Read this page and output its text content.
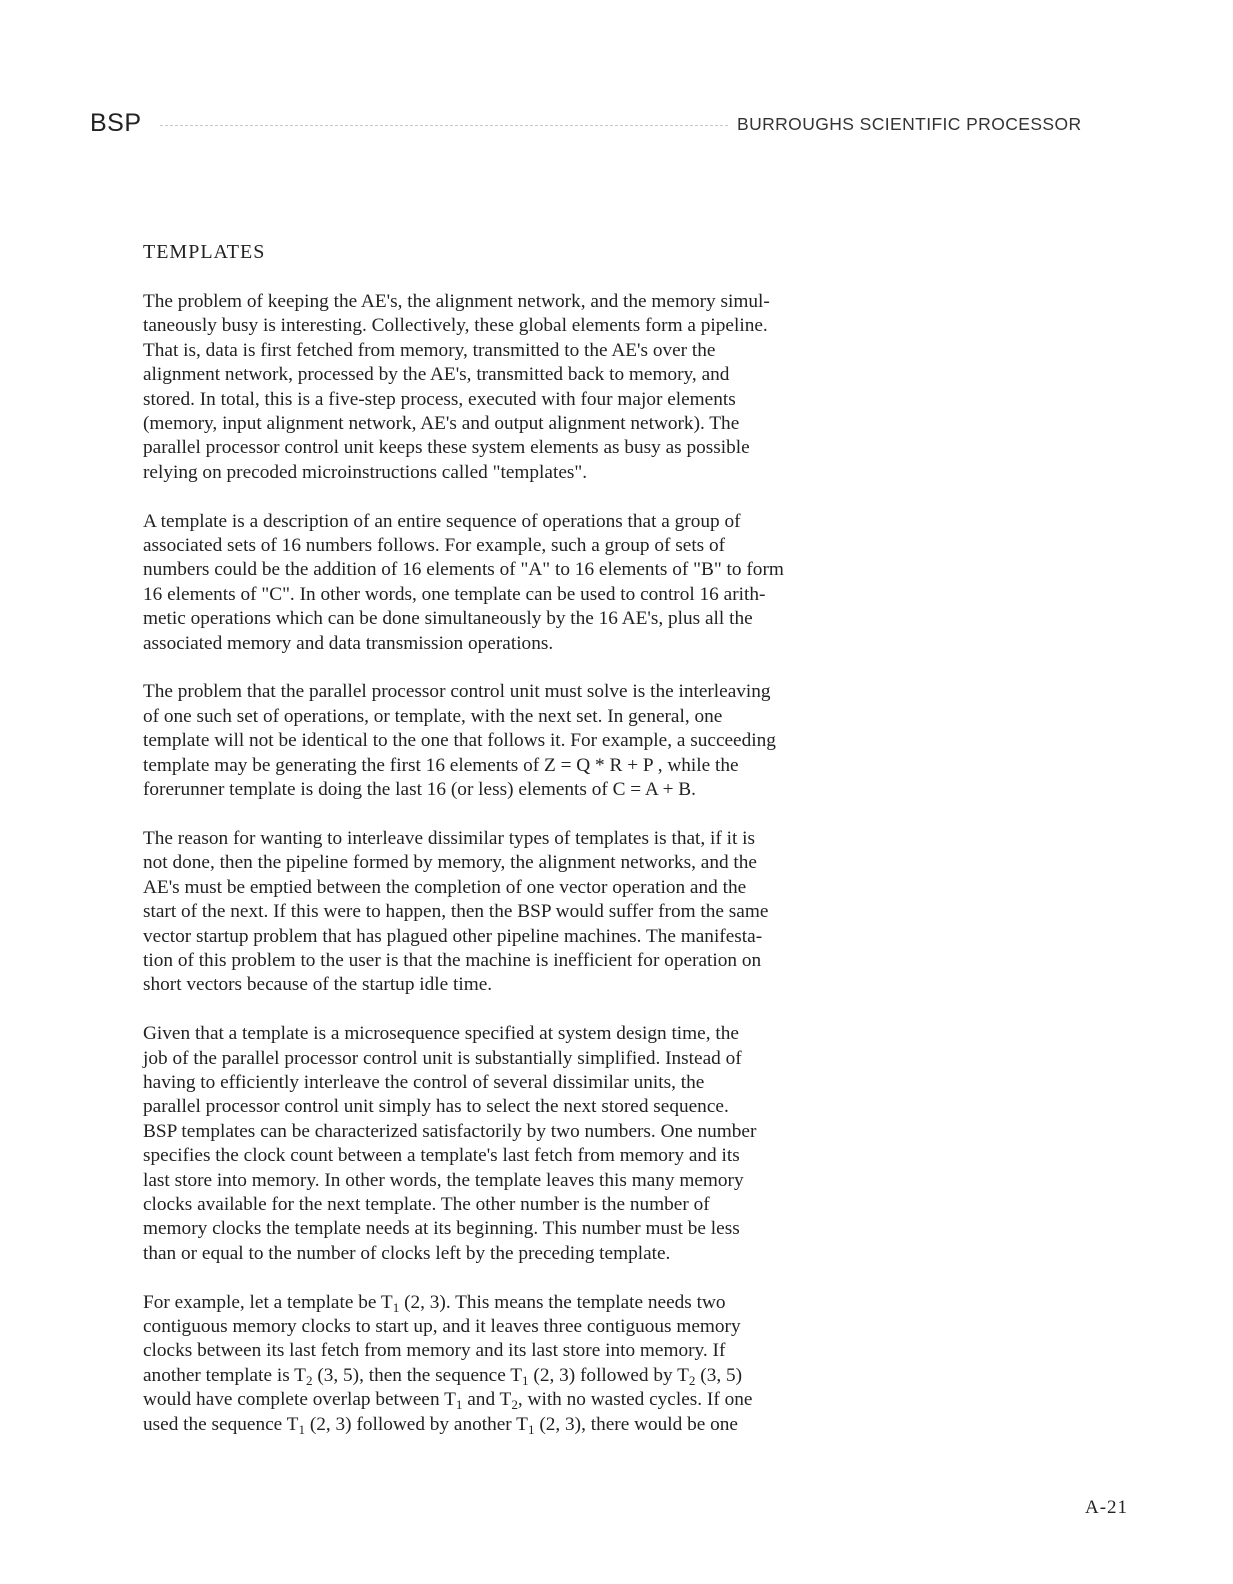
BSP	BURROUGHS SCIENTIFIC PROCESSOR
TEMPLATES
The problem of keeping the AE's, the alignment network, and the memory simul-
taneously busy is interesting. Collectively, these global elements form a pipeline.
That is, data is first fetched from memory, transmitted to the AE's over the
alignment network, processed by the AE's, transmitted back to memory, and
stored. In total, this is a five-step process, executed with four major elements
(memory, input alignment network, AE's and output alignment network). The
parallel processor control unit keeps these system elements as busy as possible
relying on precoded microinstructions called "templates".
A template is a description of an entire sequence of operations that a group of
associated sets of 16 numbers follows. For example, such a group of sets of
numbers could be the addition of 16 elements of "A" to 16 elements of "B" to form
16 elements of "C". In other words, one template can be used to control 16 arith-
metic operations which can be done simultaneously by the 16 AE's, plus all the
associated memory and data transmission operations.
The problem that the parallel processor control unit must solve is the interleaving
of one such set of operations, or template, with the next set. In general, one
template will not be identical to the one that follows it. For example, a succeeding
template may be generating the first 16 elements of Z = Q * R + P , while the
forerunner template is doing the last 16 (or less) elements of C = A + B.
The reason for wanting to interleave dissimilar types of templates is that, if it is
not done, then the pipeline formed by memory, the alignment networks, and the
AE's must be emptied between the completion of one vector operation and the
start of the next. If this were to happen, then the BSP would suffer from the same
vector startup problem that has plagued other pipeline machines. The manifesta-
tion of this problem to the user is that the machine is inefficient for operation on
short vectors because of the startup idle time.
Given that a template is a microsequence specified at system design time, the
job of the parallel processor control unit is substantially simplified. Instead of
having to efficiently interleave the control of several dissimilar units, the
parallel processor control unit simply has to select the next stored sequence.
BSP templates can be characterized satisfactorily by two numbers. One number
specifies the clock count between a template's last fetch from memory and its
last store into memory. In other words, the template leaves this many memory
clocks available for the next template. The other number is the number of
memory clocks the template needs at its beginning. This number must be less
than or equal to the number of clocks left by the preceding template.
For example, let a template be $T_1$ (2, 3). This means the template needs two
contiguous memory clocks to start up, and it leaves three contiguous memory
clocks between its last fetch from memory and its last store into memory. If
another template is $T_2$ (3, 5), then the sequence $T_1$ (2, 3) followed by $T_2$ (3, 5)
would have complete overlap between $T_1$ and $T_2$, with no wasted cycles. If one
used the sequence $T_1$ (2, 3) followed by another $T_1$ (2, 3), there would be one
A-21
